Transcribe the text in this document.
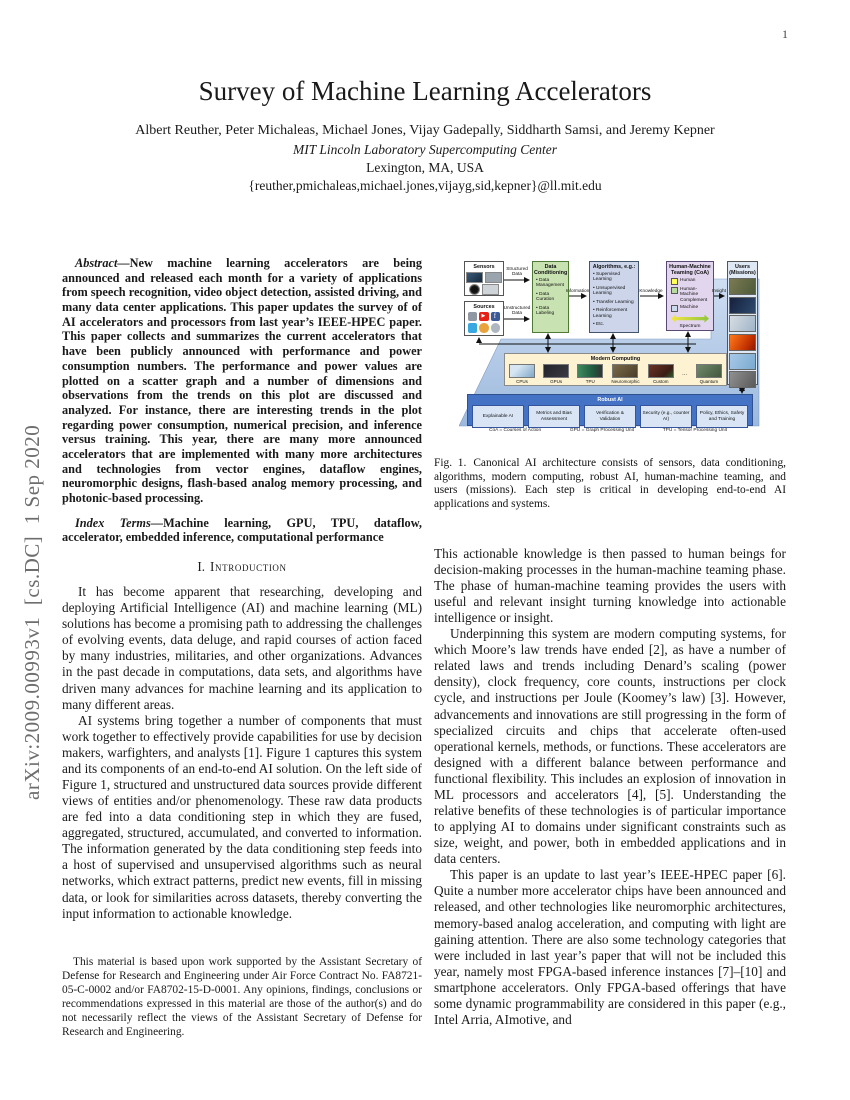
1
arXiv:2009.00993v1  [cs.DC]  1 Sep 2020
Survey of Machine Learning Accelerators
Albert Reuther, Peter Michaleas, Michael Jones, Vijay Gadepally, Siddharth Samsi, and Jeremy Kepner
MIT Lincoln Laboratory Supercomputing Center
Lexington, MA, USA
{reuther,pmichaleas,michael.jones,vijayg,sid,kepner}@ll.mit.edu

Abstract—New machine learning accelerators are being announced and released each month for a variety of applications from speech recognition, video object detection, assisted driving, and many data center applications. This paper updates the survey of of AI accelerators and processors from last year’s IEEE-HPEC paper. This paper collects and summarizes the current accelerators that have been publicly announced with performance and power consumption numbers. The performance and power values are plotted on a scatter graph and a number of dimensions and observations from the trends on this plot are discussed and analyzed. For instance, there are interesting trends in the plot regarding power consumption, numerical precision, and inference versus training. This year, there are many more announced accelerators that are implemented with many more architectures and technologies from vector engines, dataflow engines, neuromorphic designs, flash-based analog memory processing, and photonic-based processing.

Index Terms—Machine learning, GPU, TPU, dataflow, accelerator, embedded inference, computational performance

I. Introduction

It has become apparent that researching, developing and deploying Artificial Intelligence (AI) and machine learning (ML) solutions has become a promising path to addressing the challenges of evolving events, data deluge, and rapid courses of action faced by many industries, militaries, and other organizations. Advances in the past decade in computations, data sets, and algorithms have driven many advances for machine learning and its application to many different areas.

AI systems bring together a number of components that must work together to effectively provide capabilities for use by decision makers, warfighters, and analysts [1]. Figure 1 captures this system and its components of an end-to-end AI solution. On the left side of Figure 1, structured and unstructured data sources provide different views of entities and/or phenomenology. These raw data products are fed into a data conditioning step in which they are fused, aggregated, structured, accumulated, and converted to information. The information generated by the data conditioning step feeds into a host of supervised and unsupervised algorithms such as neural networks, which extract patterns, predict new events, fill in missing data, or look for similarities across datasets, thereby converting the input information to actionable knowledge.

This material is based upon work supported by the Assistant Secretary of Defense for Research and Engineering under Air Force Contract No. FA8721-05-C-0002 and/or FA8702-15-D-0001. Any opinions, findings, conclusions or recommendations expressed in this material are those of the author(s) and do not necessarily reflect the views of the Assistant Secretary of Defense for Research and Engineering.

Sensors
Sources
▶
f
Structured Data
Unstructured Data
Information	Knowledge	Insight
Data Conditioning
• Data Management
• Data Curation
• Data Labeling
Algorithms, e.g.:
• Supervised Learning
• Unsupervised Learning
• Transfer Learning
• Reinforcement Learning
• Etc.
Human-Machine Teaming (CoA)
Human
Human-Machine Complement
Machine
Spectrum
Users (Missions)
Modern Computing
CPUs	GPUs	TPU	Neuromorphic	Custom
···
Quantum
Robust AI
Explainable AI
Metrics and Bias Assessment
Verification & Validation
Security (e.g., counter AI)
Policy, Ethics, Safety and Training
CoA = Courses of Action	GPU = Graph Processing Unit	TPU = Tensor Processing Unit

Fig. 1. Canonical AI architecture consists of sensors, data conditioning, algorithms, modern computing, robust AI, human-machine teaming, and users (missions). Each step is critical in developing end-to-end AI applications and systems.

This actionable knowledge is then passed to human beings for decision-making processes in the human-machine teaming phase. The phase of human-machine teaming provides the users with useful and relevant insight turning knowledge into actionable intelligence or insight.

Underpinning this system are modern computing systems, for which Moore’s law trends have ended [2], as have a number of related laws and trends including Denard’s scaling (power density), clock frequency, core counts, instructions per clock cycle, and instructions per Joule (Koomey’s law) [3]. However, advancements and innovations are still progressing in the form of specialized circuits and chips that accelerate often-used operational kernels, methods, or functions. These accelerators are designed with a different balance between performance and functional flexibility. This includes an explosion of innovation in ML processors and accelerators [4], [5]. Understanding the relative benefits of these technologies is of particular importance to applying AI to domains under significant constraints such as size, weight, and power, both in embedded applications and in data centers.

This paper is an update to last year’s IEEE-HPEC paper [6]. Quite a number more accelerator chips have been announced and released, and other technologies like neuromorphic architectures, memory-based analog acceleration, and computing with light are gaining attention. There are also some technology categories that were included in last year’s paper that will not be included this year, namely most FPGA-based inference instances [7]–[10] and smartphone accelerators. Only FPGA-based offerings that have some dynamic programmability are considered in this paper (e.g., Intel Arria, AImotive, and
